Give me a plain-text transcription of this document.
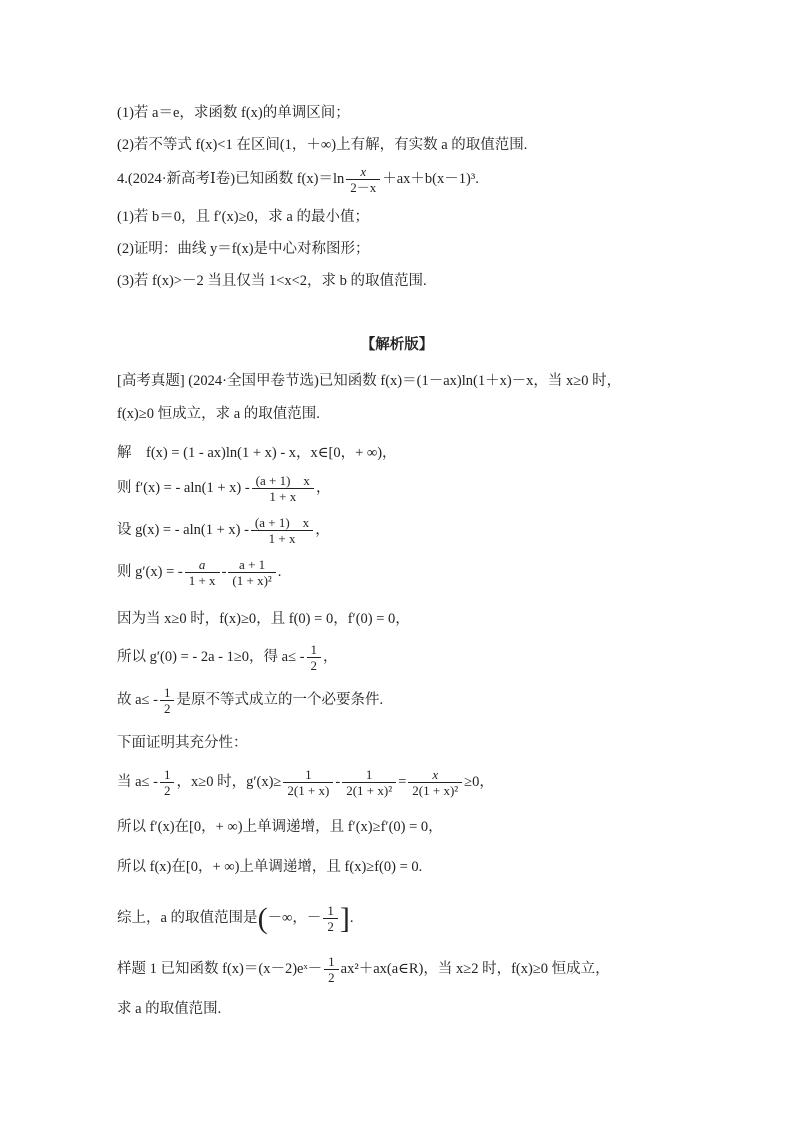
(1)若 a＝e，求函数 f(x)的单调区间；
(2)若不等式 f(x)<1 在区间(1，＋∞)上有解，有实数 a 的取值范围.
4.(2024·新高考Ⅰ卷)已知函数 $f(x)=\ln \frac{x}{2-x} +ax+b(x-1)^3$.
(1)若 b＝0，且 f′(x)≥0，求 a 的最小值；
(2)证明：曲线 y＝f(x)是中心对称图形；
(3)若 f(x)>－2 当且仅当 1<x<2，求 b 的取值范围.
【解析版】
[高考真题] (2024·全国甲卷节选)已知函数 f(x)＝(1－ax)ln(1＋x)－x，当 x≥0 时，
f(x)≥0 恒成立，求 a 的取值范围.
解　f(x) = (1 - ax)ln(1 + x) - x，x∈[0，+ ∞)，
则 f′(x) = - $aln(1 + x) - \frac{(a + 1) x}{1 + x}$ ，
设 g(x) = - $aln(1 + x) - \frac{(a + 1) x}{1 + x}$ ，
则 g′(x) = - $\frac{a}{1 + x} - \frac{a + 1}{\text{(1 + x)²}}$ .
因为当 x≥0 时，f(x)≥0，且 f(0) = 0，f′(0) = 0，
所以 g′(0) = - 2a - 1≥0，得 $a\le - \frac{1}{2}$ ，
故 $a\le - \frac{1}{2}$ 是原不等式成立的一个必要条件.
下面证明其充分性：
当 $a\le - \frac{1}{2}$ ，x≥0 时，$g'(x)\ge \frac{1}{2(1 + x)} - \frac{1}{\text{2(1 + x)²}} = \frac{x}{\text{2(1 + x)²}} \ge 0$，
所以 f′(x)在[0，+ ∞)上单调递增，且 f′(x)≥f′(0) = 0，
所以 f(x)在[0，+ ∞)上单调递增，且 f(x)≥f(0) = 0.
综上，a 的取值范围是(－∞，－ $\frac{1}{2}$ ].
样题 1 已知函数 f(x)＝(x－2)eˣ－ $\frac{1}{2}$ ax²＋ax(a∈R)，当 x≥2 时，f(x)≥0 恒成立，
求 a 的取值范围.
